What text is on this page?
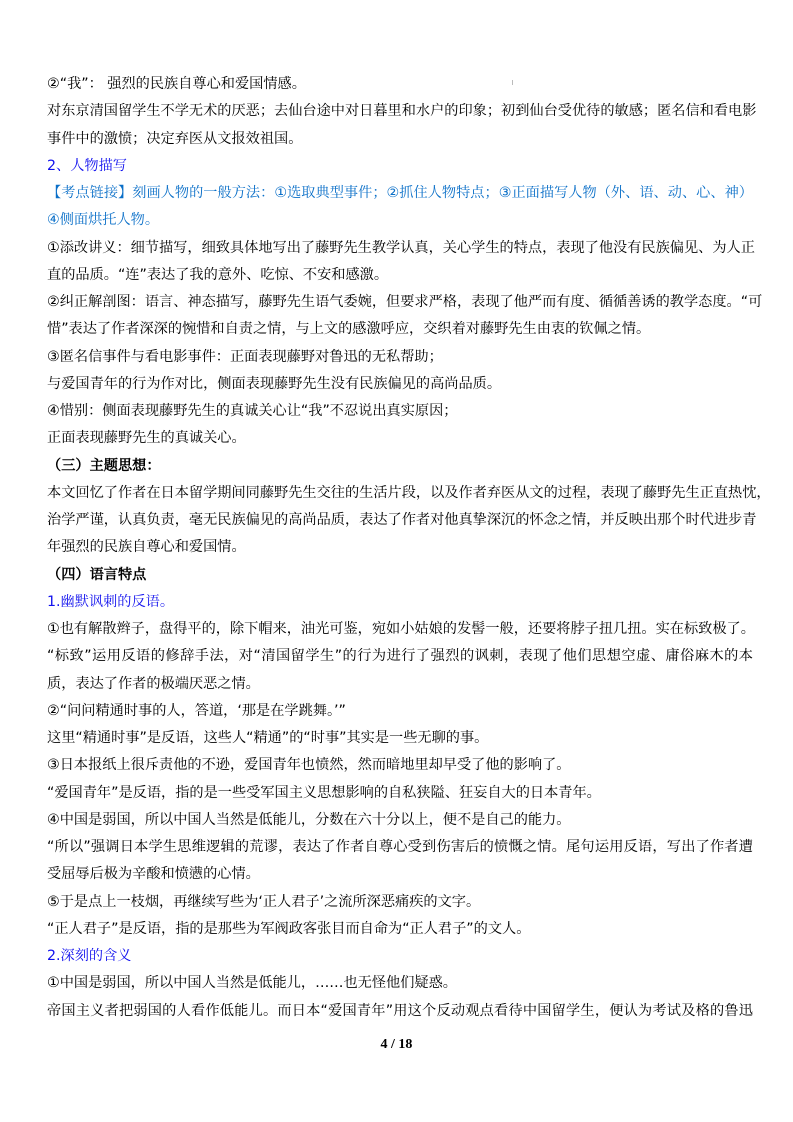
②“我”： 强烈的民族自尊心和爱国情感。
对东京清国留学生不学无术的厌恶；去仙台途中对日暮里和水户的印象；初到仙台受优待的敏感；匿名信和看电影
事件中的激愤；决定弃医从文报效祖国。
2、人物描写
【考点链接】刻画人物的一般方法：①选取典型事件；②抓住人物特点；③正面描写人物（外、语、动、心、神）
④侧面烘托人物。
①添改讲义：细节描写，细致具体地写出了藤野先生教学认真，关心学生的特点，表现了他没有民族偏见、为人正
直的品质。“连”表达了我的意外、吃惊、不安和感激。
②纠正解剖图：语言、神态描写，藤野先生语气委婉，但要求严格，表现了他严而有度、循循善诱的教学态度。“可
惜”表达了作者深深的惋惜和自责之情，与上文的感激呼应，交织着对藤野先生由衷的钦佩之情。
③匿名信事件与看电影事件：正面表现藤野对鲁迅的无私帮助；
与爱国青年的行为作对比，侧面表现藤野先生没有民族偏见的高尚品质。
④惜别：侧面表现藤野先生的真诚关心让“我”不忍说出真实原因；
正面表现藤野先生的真诚关心。
（三）主题思想：
本文回忆了作者在日本留学期间同藤野先生交往的生活片段，以及作者弃医从文的过程，表现了藤野先生正直热忱，
治学严谨，认真负责，毫无民族偏见的高尚品质，表达了作者对他真挚深沉的怀念之情，并反映出那个时代进步青
年强烈的民族自尊心和爱国情。
（四）语言特点
1.幽默讽刺的反语。
①也有解散辫子，盘得平的，除下帽来，油光可鉴，宛如小姑娘的发髻一般，还要将脖子扭几扭。实在标致极了。
“标致”运用反语的修辞手法，对“清国留学生”的行为进行了强烈的讽刺，表现了他们思想空虚、庸俗麻木的本
质，表达了作者的极端厌恶之情。
②“问问精通时事的人，答道，‘那是在学跳舞。’”
这里“精通时事”是反语，这些人“精通”的“时事”其实是一些无聊的事。
③日本报纸上很斥责他的不逊，爱国青年也愤然，然而暗地里却早受了他的影响了。
“爱国青年”是反语，指的是一些受军国主义思想影响的自私狭隘、狂妄自大的日本青年。
④中国是弱国，所以中国人当然是低能儿，分数在六十分以上，便不是自己的能力。
“所以”强调日本学生思维逻辑的荒谬，表达了作者自尊心受到伤害后的愤慨之情。尾句运用反语，写出了作者遭
受屈辱后极为辛酸和愤懑的心情。
⑤于是点上一枝烟，再继续写些为‘正人君子’之流所深恶痛疾的文字。
“正人君子”是反语，指的是那些为军阀政客张目而自命为“正人君子”的文人。
2.深刻的含义
①中国是弱国，所以中国人当然是低能儿，……也无怪他们疑惑。
帝国主义者把弱国的人看作低能儿。而日本“爱国青年”用这个反动观点看待中国留学生，便认为考试及格的鲁迅
4 / 18
